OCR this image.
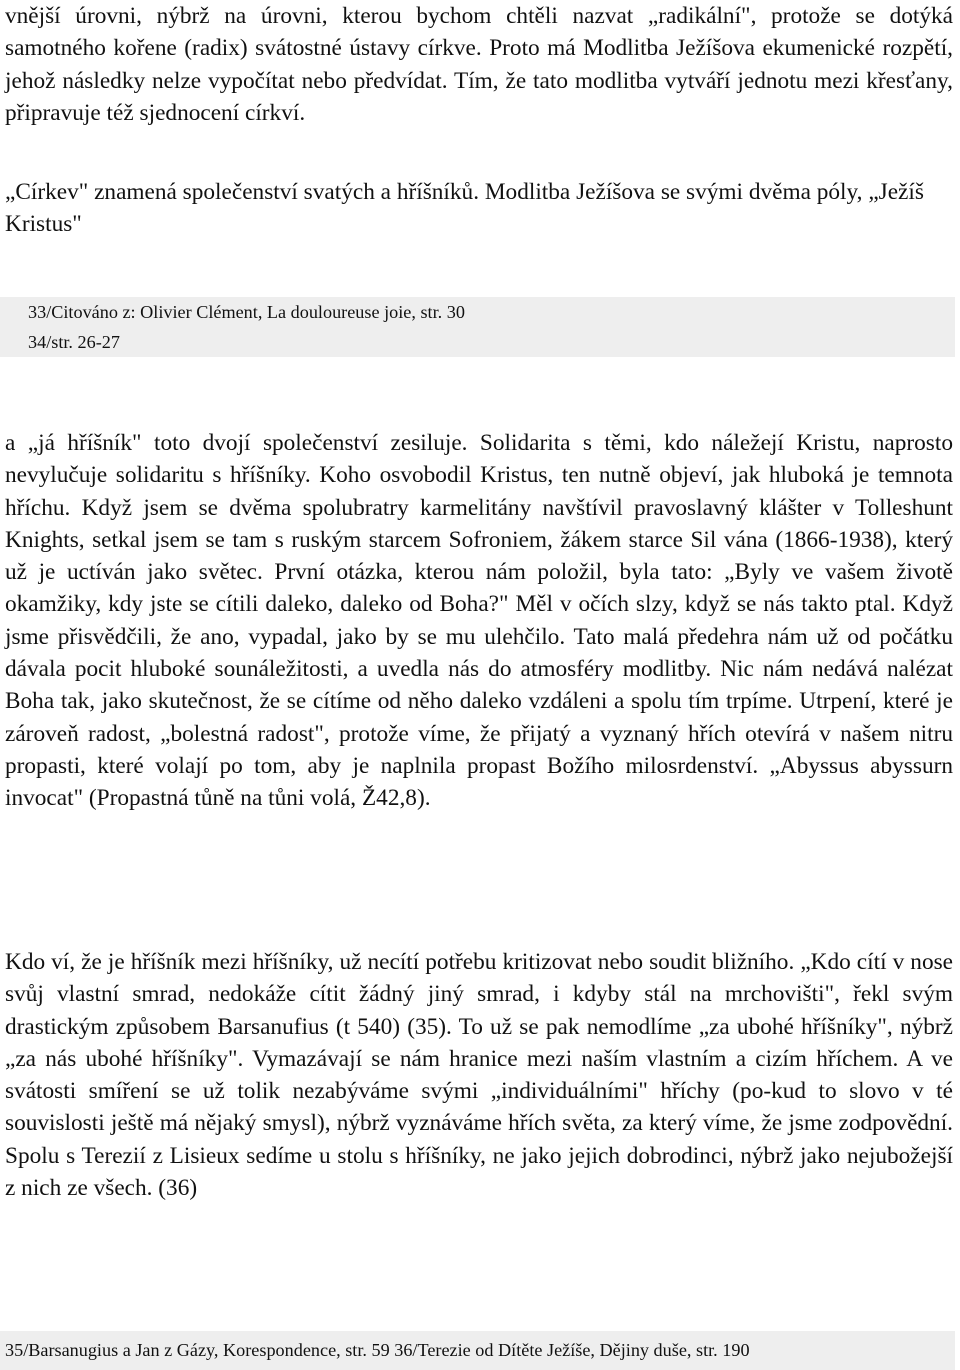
vnější úrovni, nýbrž na úrovni, kterou bychom chtěli nazvat „radikální", protože se dotýká samotného kořene (radix) svátostné ústavy církve. Proto má Modlitba Ježíšova ekumenické rozpětí, jehož následky nelze vypočítat nebo předvídat. Tím, že tato modlitba vytváří jednotu mezi křesťany, připravuje též sjednocení církví.

„Církev" znamená společenství svatých a hříšníků. Modlitba Ježíšova se svými dvěma póly, „Ježíš Kristus"

33/Citováno z: Olivier Clément, La douloureuse joie, str. 30
34/str. 26-27

a „já hříšník" toto dvojí společenství zesiluje. Solidarita s těmi, kdo náležejí Kristu, naprosto nevylučuje solidaritu s hříšníky. Koho osvobodil Kristus, ten nutně objeví, jak hluboká je temnota hříchu. Když jsem se dvěma spolubratry karmelitány navštívil pravoslavný klášter v Tolleshunt Knights, setkal jsem se tam s ruským starcem Sofroniem, žákem starce Sil vána (1866-1938), který už je uctíván jako světec. První otázka, kterou nám položil, byla tato: „Byly ve vašem životě okamžiky, kdy jste se cítili daleko, daleko od Boha?" Měl v očích slzy, když se nás takto ptal. Když jsme přisvědčili, že ano, vypadal, jako by se mu ulehčilo. Tato malá předehra nám už od počátku dávala pocit hluboké sounáležitosti, a uvedla nás do atmosféry modlitby. Nic nám nedává nalézat Boha tak, jako skutečnost, že se cítíme od něho daleko vzdáleni a spolu tím trpíme. Utrpení, které je zároveň radost, „bolestná radost", protože víme, že přijatý a vyznaný hřích otevírá v našem nitru propasti, které volají po tom, aby je naplnila propast Božího milosrdenství. „Abyssus abyssurn invocat" (Propastná tůně na tůni volá, Ž42,8).

Kdo ví, že je hříšník mezi hříšníky, už necítí potřebu kritizovat nebo soudit bližního. „Kdo cítí v nose svůj vlastní smrad, nedokáže cítit žádný jiný smrad, i kdyby stál na mrchovišti", řekl svým drastickým způsobem Barsanufius (t 540) (35). To už se pak nemodlíme „za ubohé hříšníky", nýbrž „za nás ubohé hříšníky". Vymazávají se nám hranice mezi naším vlastním a cizím hříchem. A ve svátosti smíření se už tolik nezabýváme svými „individuálními" hříchy (po-kud to slovo v té souvislosti ještě má nějaký smysl), nýbrž vyznáváme hřích světa, za který víme, že jsme zodpovědní. Spolu s Terezií z Lisieux sedíme u stolu s hříšníky, ne jako jejich dobrodinci, nýbrž jako nejubožejší z nich ze všech. (36)

35/Barsanugius a Jan z Gázy, Korespondence, str. 59 36/Terezie od Dítěte Ježíše, Dějiny duše, str. 190
